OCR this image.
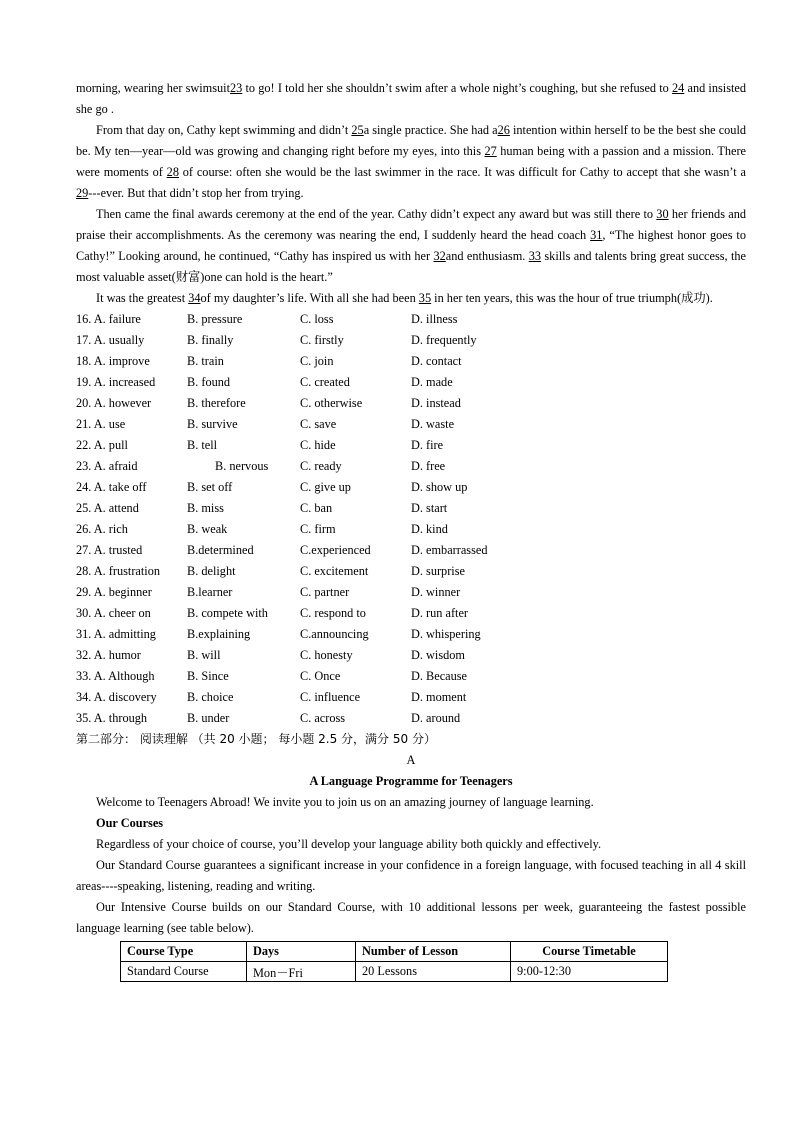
morning, wearing her swimsuit23 to go! I told her she shouldn’t swim after a whole night’s coughing, but she refused to 24 and insisted she go .

From that day on, Cathy kept swimming and didn’t 25a single practice. She had a26 intention within herself to be the best she could be. My ten—year—old was growing and changing right before my eyes, into this 27 human being with a passion and a mission. There were moments of 28 of course: often she would be the last swimmer in the race. It was difficult for Cathy to accept that she wasn’t a 29---ever. But that didn’t stop her from trying.

Then came the final awards ceremony at the end of the year. Cathy didn’t expect any award but was still there to 30 her friends and praise their accomplishments. As the ceremony was nearing the end, I suddenly heard the head coach 31, “The highest honor goes to Cathy!” Looking around, he continued, “Cathy has inspired us with her 32and enthusiasm. 33 skills and talents bring great success, the most valuable asset(财富)one can hold is the heart.”

It was the greatest 34of my daughter’s life. With all she had been 35 in her ten years, this was the hour of true triumph(成功).

16. A. failure	B. pressure	C. loss	D. illness
17. A. usually	B. finally	C. firstly	D. frequently
18. A. improve	B. train	C. join	D. contact
19. A. increased	B. found	C. created	D. made
20. A. however	B. therefore	C. otherwise	D. instead
21. A. use	B. survive	C. save	D. waste
22. A. pull	B. tell	C. hide	D. fire
23. A. afraid	B. nervous	C. ready	D. free
24. A. take off	B. set off	C. give up	D. show up
25. A. attend	B. miss	C. ban	D. start
26. A. rich	B. weak	C. firm	D. kind
27. A. trusted	B.determined	C.experienced	D. embarrassed
28. A. frustration	B. delight	C. excitement	D. surprise
29. A. beginner	B.learner	C. partner	D. winner
30. A. cheer on	B. compete with	C. respond to	D. run after
31. A. admitting	B.explaining	C.announcing	D. whispering
32. A. humor	B. will	C. honesty	D. wisdom
33. A. Although	B. Since	C. Once	D. Because
34. A. discovery	B. choice	C. influence	D. moment
35. A. through	B. under	C. across	D. around
第二部分： 阅读理解 （共 20 小题； 每小题 2.5 分，满分 50 分）
A
A Language Programme for Teenagers

Welcome to Teenagers Abroad! We invite you to join us on an amazing journey of language learning.

Our Courses

Regardless of your choice of course, you’ll develop your language ability both quickly and effectively.

Our Standard Course guarantees a significant increase in your confidence in a foreign language, with focused teaching in all 4 skill areas----speaking, listening, reading and writing.

Our Intensive Course builds on our Standard Course, with 10 additional lessons per week, guaranteeing the fastest possible language learning (see table below).

Course Type	Days	Number of Lesson	Course Timetable
Standard Course	Mon－Fri	20 Lessons	9:00-12:30
